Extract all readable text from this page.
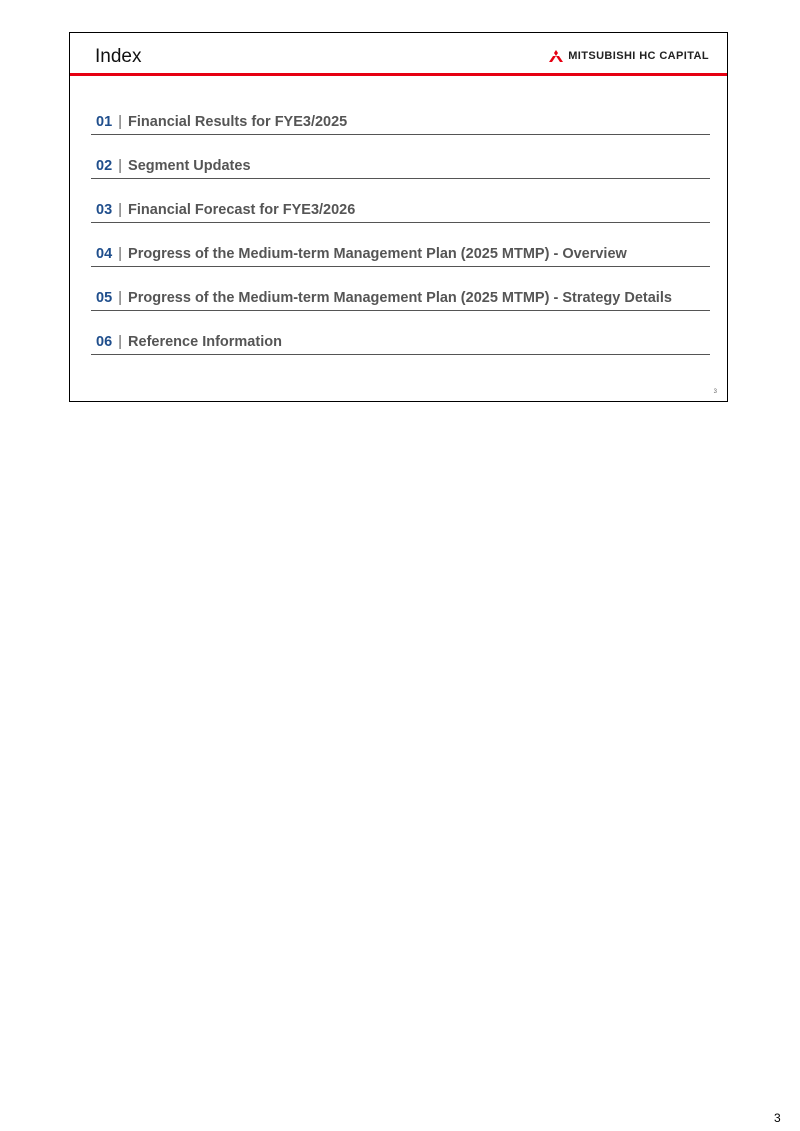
Index	MITSUBISHI HC CAPITAL
01 | Financial Results for FYE3/2025
02 | Segment Updates
03 | Financial Forecast for FYE3/2026
04 | Progress of the Medium-term Management Plan (2025 MTMP) - Overview
05 | Progress of the Medium-term Management Plan (2025 MTMP) - Strategy Details
06 | Reference Information
3
3
